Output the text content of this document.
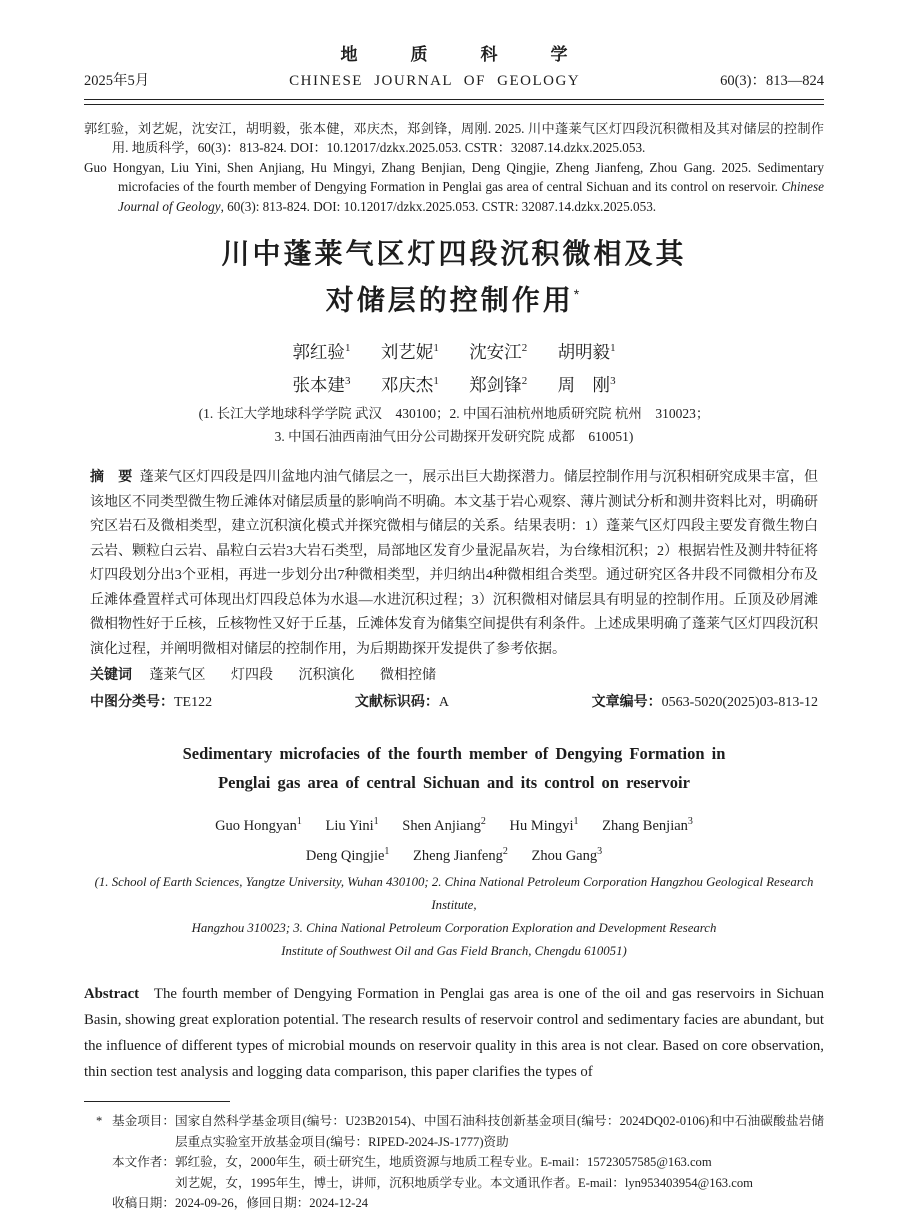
地　质　科　学
2025年5月	CHINESE JOURNAL OF GEOLOGY	60(3)：813—824

郭红验，刘艺妮，沈安江，胡明毅，张本健，邓庆杰，郑剑锋，周刚. 2025. 川中蓬莱气区灯四段沉积微相及其对储层的控制作用. 地质科学，60(3)：813-824. DOI：10.12017/dzkx.2025.053. CSTR：32087.14.dzkx.2025.053.

Guo Hongyan, Liu Yini, Shen Anjiang, Hu Mingyi, Zhang Benjian, Deng Qingjie, Zheng Jianfeng, Zhou Gang. 2025. Sedimentary microfacies of the fourth member of Dengying Formation in Penglai gas area of central Sichuan and its control on reservoir. Chinese Journal of Geology, 60(3): 813-824. DOI: 10.12017/dzkx.2025.053. CSTR: 32087.14.dzkx.2025.053.

川中蓬莱气区灯四段沉积微相及其
对储层的控制作用*
郭红验$^1$ 刘艺妮$^1$ 沈安江$^2$ 胡明毅$^1$
张本建$^3$ 邓庆杰$^1$ 郑剑锋$^2$ 周　刚$^3$
(1. 长江大学地球科学学院 武汉　430100；2. 中国石油杭州地质研究院 杭州　310023；
3. 中国石油西南油气田分公司勘探开发研究院 成都　610051)
摘　要 蓬莱气区灯四段是四川盆地内油气储层之一，展示出巨大勘探潜力。储层控制作用与沉积相研究成果丰富，但该地区不同类型微生物丘滩体对储层质量的影响尚不明确。本文基于岩心观察、薄片测试分析和测井资料比对，明确研究区岩石及微相类型，建立沉积演化模式并探究微相与储层的关系。结果表明：1）蓬莱气区灯四段主要发育微生物白云岩、颗粒白云岩、晶粒白云岩3大岩石类型，局部地区发育少量泥晶灰岩，为台缘相沉积；2）根据岩性及测井特征将灯四段划分出3个亚相，再进一步划分出7种微相类型，并归纳出4种微相组合类型。通过研究区各井段不同微相分布及丘滩体叠置样式可体现出灯四段总体为水退—水进沉积过程；3）沉积微相对储层具有明显的控制作用。丘顶及砂屑滩微相物性好于丘核，丘核物性又好于丘基，丘滩体发育为储集空间提供有利条件。上述成果明确了蓬莱气区灯四段沉积演化过程，并阐明微相对储层的控制作用，为后期勘探开发提供了参考依据。
关键词 蓬莱气区 灯四段 沉积演化 微相控储
中图分类号：TE122	文献标识码：A	文章编号：0563-5020(2025)03-813-12
Sedimentary microfacies of the fourth member of Dengying Formation in
Penglai gas area of central Sichuan and its control on reservoir
Guo Hongyan$^1$ Liu Yini$^1$ Shen Anjiang$^2$ Hu Mingyi$^1$ Zhang Benjian$^3$
Deng Qingjie$^1$ Zheng Jianfeng$^2$ Zhou Gang$^3$
(1. School of Earth Sciences, Yangtze University, Wuhan 430100; 2. China National Petroleum Corporation Hangzhou Geological Research Institute,
Hangzhou 310023; 3. China National Petroleum Corporation Exploration and Development Research
Institute of Southwest Oil and Gas Field Branch, Chengdu 610051)
Abstract The fourth member of Dengying Formation in Penglai gas area is one of the oil and gas reservoirs in Sichuan Basin, showing great exploration potential. The research results of reservoir control and sedimentary facies are abundant, but the influence of different types of microbial mounds on reservoir quality in this area is not clear. Based on core observation, thin section test analysis and logging data comparison, this paper clarifies the types of
* 基金项目： 国家自然科学基金项目(编号：U23B20154)、中国石油科技创新基金项目(编号：2024DQ02-0106)和中石油碳酸盐岩储层重点实验室开放基金项目(编号：RIPED-2024-JS-1777)资助
本文作者： 郭红验，女，2000年生，硕士研究生，地质资源与地质工程专业。E-mail：15723057585@163.com
刘艺妮，女，1995年生，博士，讲师，沉积地质学专业。本文通讯作者。E-mail：lyn953403954@163.com
收稿日期： 2024-09-26，修回日期：2024-12-24
